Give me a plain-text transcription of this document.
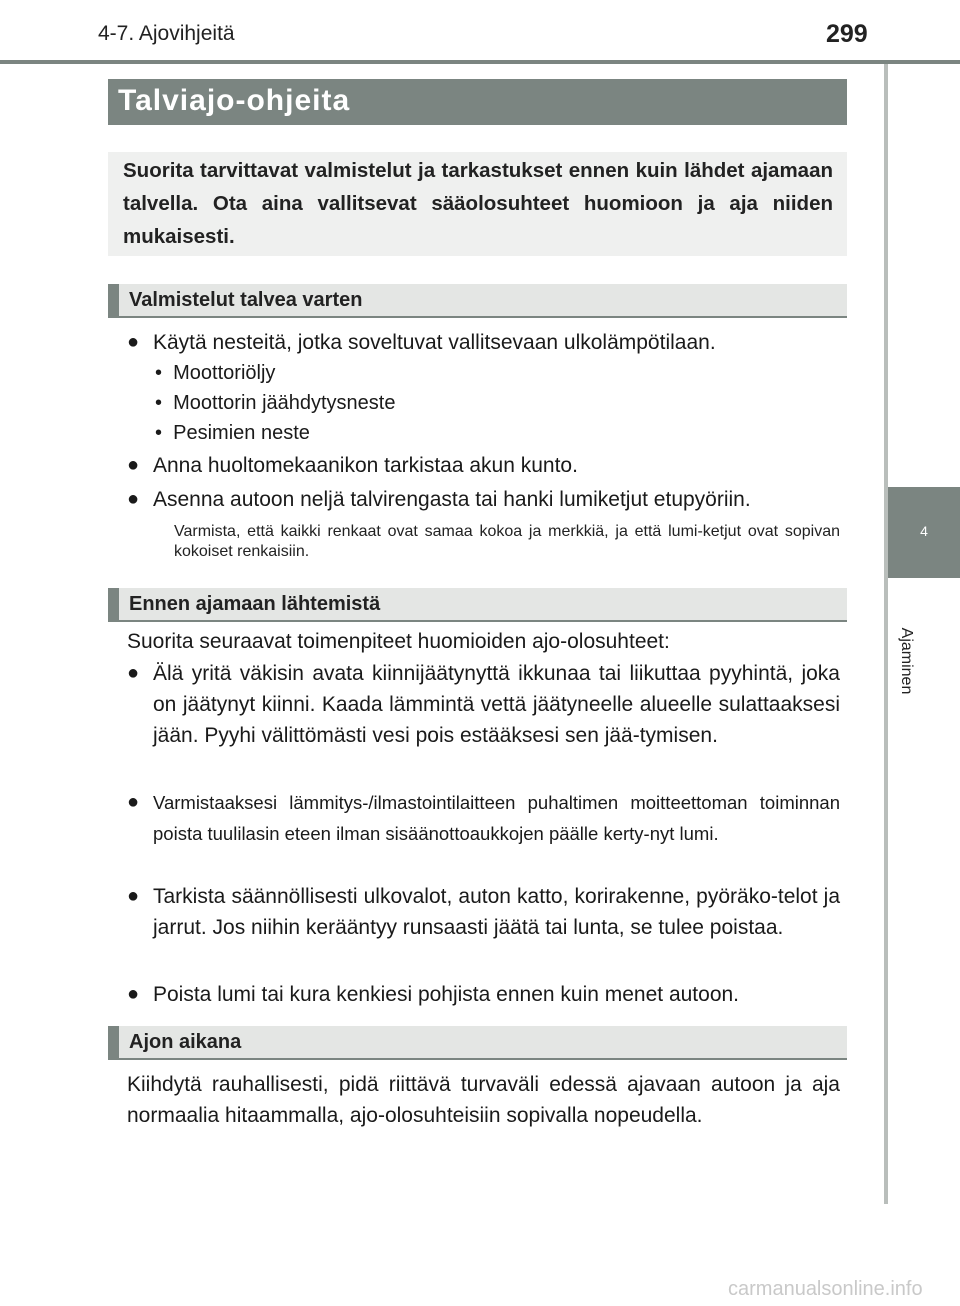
4-7. Ajovihjeitä	299
4
Ajaminen
Talviajo-ohjeita
Suorita tarvittavat valmistelut ja tarkastukset ennen kuin lähdet ajamaan talvella. Ota aina vallitsevat sääolosuhteet huomioon ja aja niiden mukaisesti.
Valmistelut talvea varten
● Käytä nesteitä, jotka soveltuvat vallitsevaan ulkolämpötilaan.
• Moottoriöljy
• Moottorin jäähdytysneste
• Pesimien neste
● Anna huoltomekaanikon tarkistaa akun kunto.
● Asenna autoon neljä talvirengasta tai hanki lumiketjut etupyöriin.
Varmista, että kaikki renkaat ovat samaa kokoa ja merkkiä, ja että lumi-ketjut ovat sopivan kokoiset renkaisiin.
Ennen ajamaan lähtemistä
Suorita seuraavat toimenpiteet huomioiden ajo-olosuhteet:
● Älä yritä väkisin avata kiinnijäätynyttä ikkunaa tai liikuttaa pyyhintä, joka on jäätynyt kiinni. Kaada lämmintä vettä jäätyneelle alueelle sulattaaksesi jään. Pyyhi välittömästi vesi pois estääksesi sen jää-tymisen.
● Varmistaaksesi lämmitys-/ilmastointilaitteen puhaltimen moitteettoman toiminnan poista tuulilasin eteen ilman sisäänottoaukkojen päälle kerty-nyt lumi.
● Tarkista säännöllisesti ulkovalot, auton katto, korirakenne, pyöräko-telot ja jarrut. Jos niihin kerääntyy runsaasti jäätä tai lunta, se tulee poistaa.
● Poista lumi tai kura kenkiesi pohjista ennen kuin menet autoon.
Ajon aikana
Kiihdytä rauhallisesti, pidä riittävä turvaväli edessä ajavaan autoon ja aja normaalia hitaammalla, ajo-olosuhteisiin sopivalla nopeudella.
carmanualsonline.info
